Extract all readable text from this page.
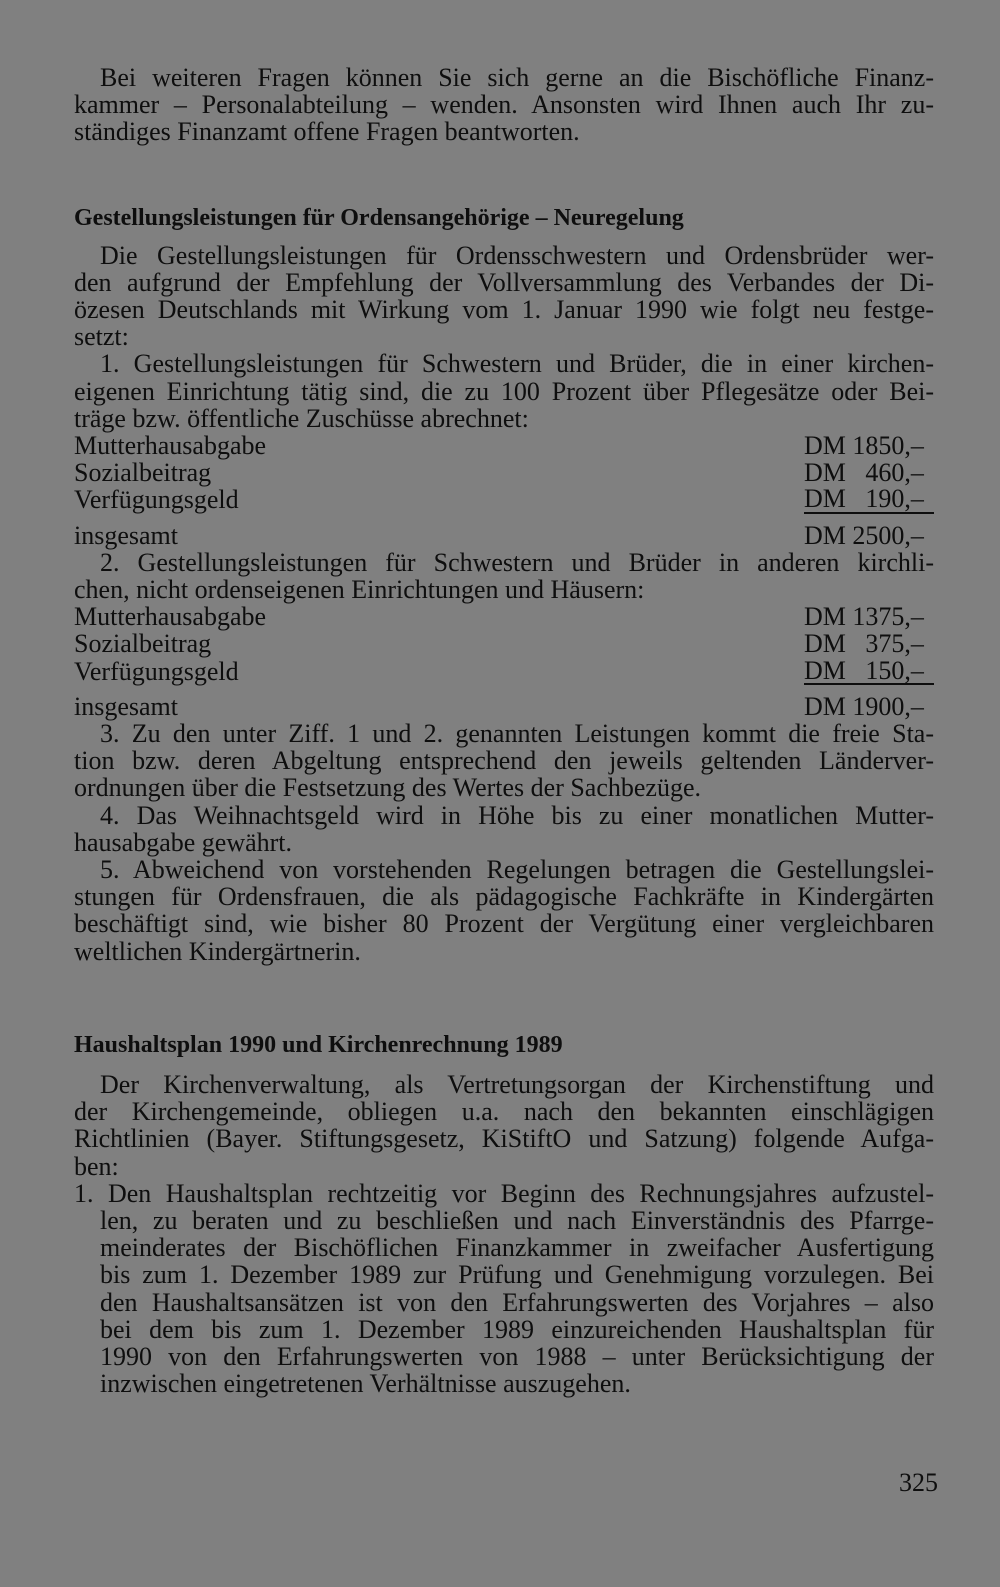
Bei weiteren Fragen können Sie sich gerne an die Bischöfliche Finanz-
kammer – Personalabteilung – wenden. Ansonsten wird Ihnen auch Ihr zu-
ständiges Finanzamt offene Fragen beantworten.

Gestellungsleistungen für Ordensangehörige – Neuregelung

Die Gestellungsleistungen für Ordensschwestern und Ordensbrüder wer-
den aufgrund der Empfehlung der Vollversammlung des Verbandes der Di-
özesen Deutschlands mit Wirkung vom 1. Januar 1990 wie folgt neu festge-
setzt:

1. Gestellungsleistungen für Schwestern und Brüder, die in einer kirchen-
eigenen Einrichtung tätig sind, die zu 100 Prozent über Pflegesätze oder Bei-
träge bzw. öffentliche Zuschüsse abrechnet:

Mutterhausabgabe	DM 1850,–
Sozialbeitrag	DM   460,–
Verfügungsgeld	DM   190,–
insgesamt	DM 2500,–

2. Gestellungsleistungen für Schwestern und Brüder in anderen kirchli-
chen, nicht ordenseigenen Einrichtungen und Häusern:

Mutterhausabgabe	DM 1375,–
Sozialbeitrag	DM   375,–
Verfügungsgeld	DM   150,–
insgesamt	DM 1900,–

3. Zu den unter Ziff. 1 und 2. genannten Leistungen kommt die freie Sta-
tion bzw. deren Abgeltung entsprechend den jeweils geltenden Länderver-
ordnungen über die Festsetzung des Wertes der Sachbezüge.

4. Das Weihnachtsgeld wird in Höhe bis zu einer monatlichen Mutter-
hausabgabe gewährt.

5. Abweichend von vorstehenden Regelungen betragen die Gestellungslei-
stungen für Ordensfrauen, die als pädagogische Fachkräfte in Kindergärten
beschäftigt sind, wie bisher 80 Prozent der Vergütung einer vergleichbaren
weltlichen Kindergärtnerin.

Haushaltsplan 1990 und Kirchenrechnung 1989

Der Kirchenverwaltung, als Vertretungsorgan der Kirchenstiftung und
der Kirchengemeinde, obliegen u.a. nach den bekannten einschlägigen
Richtlinien (Bayer. Stiftungsgesetz, KiStiftO und Satzung) folgende Aufga-
ben:

1. Den Haushaltsplan rechtzeitig vor Beginn des Rechnungsjahres aufzustel-
len, zu beraten und zu beschließen und nach Einverständnis des Pfarrge-
meinderates der Bischöflichen Finanzkammer in zweifacher Ausfertigung
bis zum 1. Dezember 1989 zur Prüfung und Genehmigung vorzulegen. Bei
den Haushaltsansätzen ist von den Erfahrungswerten des Vorjahres – also
bei dem bis zum 1. Dezember 1989 einzureichenden Haushaltsplan für
1990 von den Erfahrungswerten von 1988 – unter Berücksichtigung der
inzwischen eingetretenen Verhältnisse auszugehen.

325
